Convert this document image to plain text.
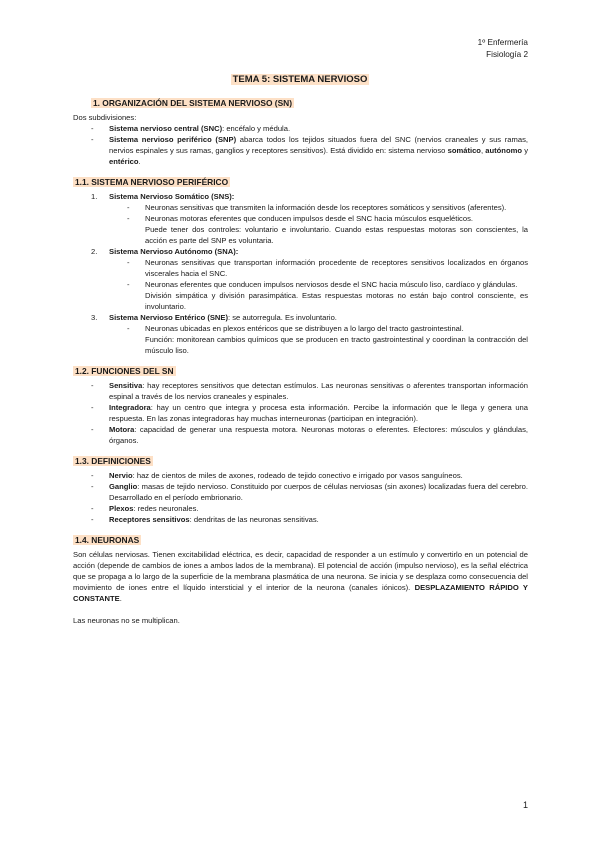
1º Enfermería
Fisiología 2
TEMA 5: SISTEMA NERVIOSO
1. ORGANIZACIÓN DEL SISTEMA NERVIOSO (SN)
Dos subdivisiones:
- Sistema nervioso central (SNC): encéfalo y médula.
- Sistema nervioso periférico (SNP) abarca todos los tejidos situados fuera del SNC (nervios craneales y sus ramas, nervios espinales y sus ramas, ganglios y receptores sensitivos). Está dividido en: sistema nervioso somático, autónomo y entérico.
1.1. SISTEMA NERVIOSO PERIFÉRICO
1. Sistema Nervioso Somático (SNS):
- Neuronas sensitivas que transmiten la información desde los receptores somáticos y sensitivos (aferentes).
- Neuronas motoras eferentes que conducen impulsos desde el SNC hacia músculos esqueléticos.
Puede tener dos controles: voluntario e involuntario. Cuando estas respuestas motoras son conscientes, la acción es parte del SNP es voluntaria.
2. Sistema Nervioso Autónomo (SNA):
- Neuronas sensitivas que transportan información procedente de receptores sensitivos localizados en órganos viscerales hacia el SNC.
- Neuronas eferentes que conducen impulsos nerviosos desde el SNC hacia músculo liso, cardíaco y glándulas.
División simpática y división parasimpática. Estas respuestas motoras no están bajo control consciente, es involuntario.
3. Sistema Nervioso Entérico (SNE): se autorregula. Es involuntario.
- Neuronas ubicadas en plexos entéricos que se distribuyen a lo largo del tracto gastrointestinal.
Función: monitorean cambios químicos que se producen en tracto gastrointestinal y coordinan la contracción del músculo liso.
1.2. FUNCIONES DEL SN
- Sensitiva: hay receptores sensitivos que detectan estímulos. Las neuronas sensitivas o aferentes transportan información espinal a través de los nervios craneales y espinales.
- Integradora: hay un centro que integra y procesa esta información. Percibe la información que le llega y genera una respuesta. En las zonas integradoras hay muchas interneuronas (participan en integración).
- Motora: capacidad de generar una respuesta motora. Neuronas motoras o eferentes. Efectores: músculos y glándulas, órganos.
1.3. DEFINICIONES
- Nervio: haz de cientos de miles de axones, rodeado de tejido conectivo e irrigado por vasos sanguíneos.
- Ganglio: masas de tejido nervioso. Constituido por cuerpos de células nerviosas (sin axones) localizadas fuera del cerebro. Desarrollado en el período embrionario.
- Plexos: redes neuronales.
- Receptores sensitivos: dendritas de las neuronas sensitivas.
1.4. NEURONAS
Son células nerviosas. Tienen excitabilidad eléctrica, es decir, capacidad de responder a un estímulo y convertirlo en un potencial de acción (depende de cambios de iones a ambos lados de la membrana). El potencial de acción (impulso nervioso), es la señal eléctrica que se propaga a lo largo de la superficie de la membrana plasmática de una neurona. Se inicia y se desplaza como consecuencia del movimiento de iones entre el líquido intersticial y el interior de la neurona (canales iónicos). DESPLAZAMIENTO RÁPIDO Y CONSTANTE.
Las neuronas no se multiplican.
1
